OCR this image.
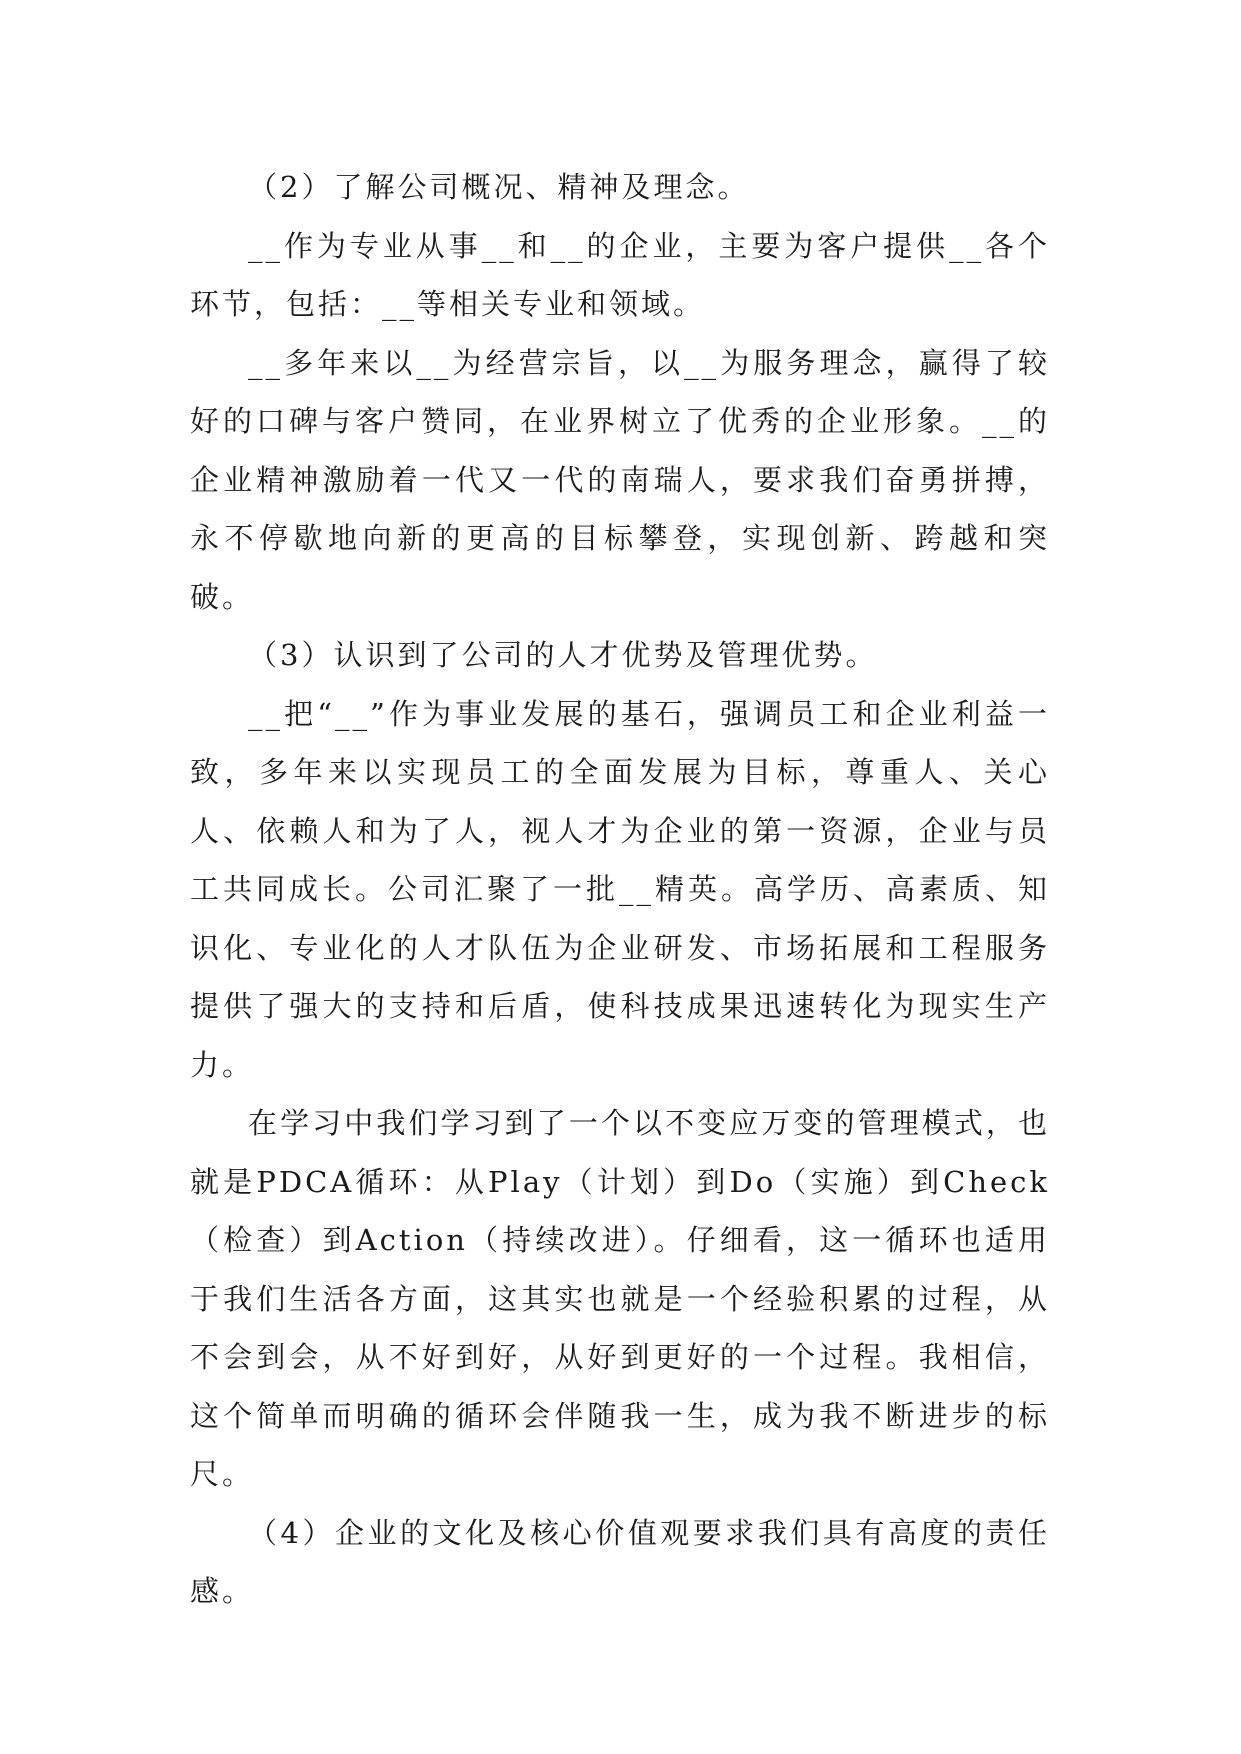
（2）了解公司概况、精神及理念。

__作为专业从事__和__的企业，主要为客户提供__各个环节，包括：__等相关专业和领域。

__多年来以__为经营宗旨，以__为服务理念，赢得了较好的口碑与客户赞同，在业界树立了优秀的企业形象。__的企业精神激励着一代又一代的南瑞人，要求我们奋勇拼搏，永不停歇地向新的更高的目标攀登，实现创新、跨越和突破。

（3）认识到了公司的人才优势及管理优势。

__把“__”作为事业发展的基石，强调员工和企业利益一致，多年来以实现员工的全面发展为目标，尊重人、关心人、依赖人和为了人，视人才为企业的第一资源，企业与员工共同成长。公司汇聚了一批__精英。高学历、高素质、知识化、专业化的人才队伍为企业研发、市场拓展和工程服务提供了强大的支持和后盾，使科技成果迅速转化为现实生产力。

在学习中我们学习到了一个以不变应万变的管理模式，也就是PDCA循环：从Play（计划）到Do（实施）到Check（检查）到Action（持续改进）。仔细看，这一循环也适用于我们生活各方面，这其实也就是一个经验积累的过程，从不会到会，从不好到好，从好到更好的一个过程。我相信，这个简单而明确的循环会伴随我一生，成为我不断进步的标尺。

（4）企业的文化及核心价值观要求我们具有高度的责任感。
